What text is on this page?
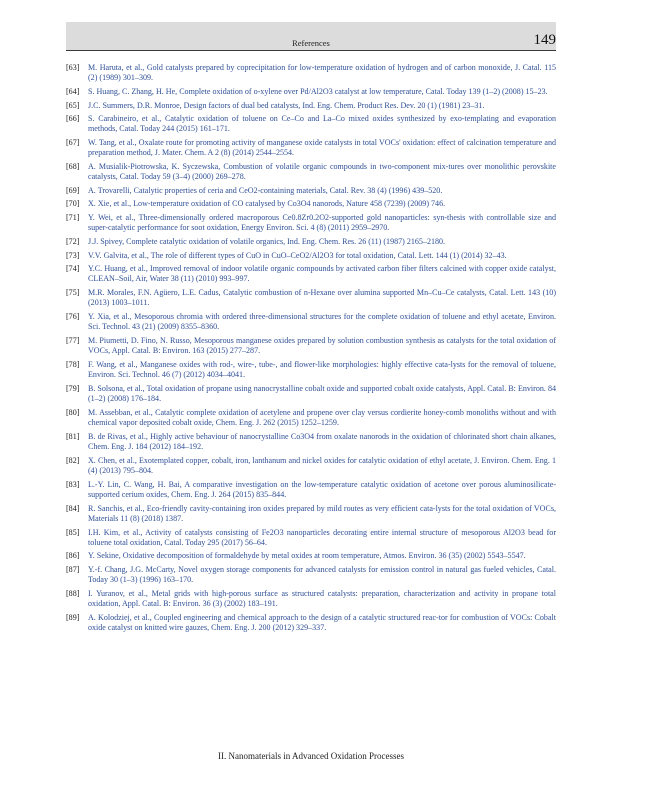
References	149
[63]	M. Haruta, et al., Gold catalysts prepared by coprecipitation for low-temperature oxidation of hydrogen and of carbon monoxide, J. Catal. 115 (2) (1989) 301–309.
[64]	S. Huang, C. Zhang, H. He, Complete oxidation of o-xylene over Pd/Al2O3 catalyst at low temperature, Catal. Today 139 (1–2) (2008) 15–23.
[65]	J.C. Summers, D.R. Monroe, Design factors of dual bed catalysts, Ind. Eng. Chem. Product Res. Dev. 20 (1) (1981) 23–31.
[66]	S. Carabineiro, et al., Catalytic oxidation of toluene on Ce–Co and La–Co mixed oxides synthesized by exo-templating and evaporation methods, Catal. Today 244 (2015) 161–171.
[67]	W. Tang, et al., Oxalate route for promoting activity of manganese oxide catalysts in total VOCs' oxidation: effect of calcination temperature and preparation method, J. Mater. Chem. A 2 (8) (2014) 2544–2554.
[68]	A. Musialik-Piotrowska, K. Syczewska, Combustion of volatile organic compounds in two-component mix-tures over monolithic perovskite catalysts, Catal. Today 59 (3–4) (2000) 269–278.
[69]	A. Trovarelli, Catalytic properties of ceria and CeO2-containing materials, Catal. Rev. 38 (4) (1996) 439–520.
[70]	X. Xie, et al., Low-temperature oxidation of CO catalysed by Co3O4 nanorods, Nature 458 (7239) (2009) 746.
[71]	Y. Wei, et al., Three-dimensionally ordered macroporous Ce0.8Zr0.2O2-supported gold nanoparticles: syn-thesis with controllable size and super-catalytic performance for soot oxidation, Energy Environ. Sci. 4 (8) (2011) 2959–2970.
[72]	J.J. Spivey, Complete catalytic oxidation of volatile organics, Ind. Eng. Chem. Res. 26 (11) (1987) 2165–2180.
[73]	V.V. Galvita, et al., The role of different types of CuO in CuO–CeO2/Al2O3 for total oxidation, Catal. Lett. 144 (1) (2014) 32–43.
[74]	Y.C. Huang, et al., Improved removal of indoor volatile organic compounds by activated carbon fiber filters calcined with copper oxide catalyst, CLEAN–Soil, Air, Water 38 (11) (2010) 993–997.
[75]	M.R. Morales, F.N. Agüero, L.E. Cadus, Catalytic combustion of n-Hexane over alumina supported Mn–Cu–Ce catalysts, Catal. Lett. 143 (10) (2013) 1003–1011.
[76]	Y. Xia, et al., Mesoporous chromia with ordered three-dimensional structures for the complete oxidation of toluene and ethyl acetate, Environ. Sci. Technol. 43 (21) (2009) 8355–8360.
[77]	M. Piumetti, D. Fino, N. Russo, Mesoporous manganese oxides prepared by solution combustion synthesis as catalysts for the total oxidation of VOCs, Appl. Catal. B: Environ. 163 (2015) 277–287.
[78]	F. Wang, et al., Manganese oxides with rod-, wire-, tube-, and flower-like morphologies: highly effective cata-lysts for the removal of toluene, Environ. Sci. Technol. 46 (7) (2012) 4034–4041.
[79]	B. Solsona, et al., Total oxidation of propane using nanocrystalline cobalt oxide and supported cobalt oxide catalysts, Appl. Catal. B: Environ. 84 (1–2) (2008) 176–184.
[80]	M. Assebban, et al., Catalytic complete oxidation of acetylene and propene over clay versus cordierite honey-comb monoliths without and with chemical vapor deposited cobalt oxide, Chem. Eng. J. 262 (2015) 1252–1259.
[81]	B. de Rivas, et al., Highly active behaviour of nanocrystalline Co3O4 from oxalate nanorods in the oxidation of chlorinated short chain alkanes, Chem. Eng. J. 184 (2012) 184–192.
[82]	X. Chen, et al., Exotemplated copper, cobalt, iron, lanthanum and nickel oxides for catalytic oxidation of ethyl acetate, J. Environ. Chem. Eng. 1 (4) (2013) 795–804.
[83]	L.-Y. Lin, C. Wang, H. Bai, A comparative investigation on the low-temperature catalytic oxidation of acetone over porous aluminosilicate-supported cerium oxides, Chem. Eng. J. 264 (2015) 835–844.
[84]	R. Sanchis, et al., Eco-friendly cavity-containing iron oxides prepared by mild routes as very efficient cata-lysts for the total oxidation of VOCs, Materials 11 (8) (2018) 1387.
[85]	I.H. Kim, et al., Activity of catalysts consisting of Fe2O3 nanoparticles decorating entire internal structure of mesoporous Al2O3 bead for toluene total oxidation, Catal. Today 295 (2017) 56–64.
[86]	Y. Sekine, Oxidative decomposition of formaldehyde by metal oxides at room temperature, Atmos. Environ. 36 (35) (2002) 5543–5547.
[87]	Y.-f. Chang, J.G. McCarty, Novel oxygen storage components for advanced catalysts for emission control in natural gas fueled vehicles, Catal. Today 30 (1–3) (1996) 163–170.
[88]	I. Yuranov, et al., Metal grids with high-porous surface as structured catalysts: preparation, characterization and activity in propane total oxidation, Appl. Catal. B: Environ. 36 (3) (2002) 183–191.
[89]	A. Kolodziej, et al., Coupled engineering and chemical approach to the design of a catalytic structured reac-tor for combustion of VOCs: Cobalt oxide catalyst on knitted wire gauzes, Chem. Eng. J. 200 (2012) 329–337.
II. Nanomaterials in Advanced Oxidation Processes
